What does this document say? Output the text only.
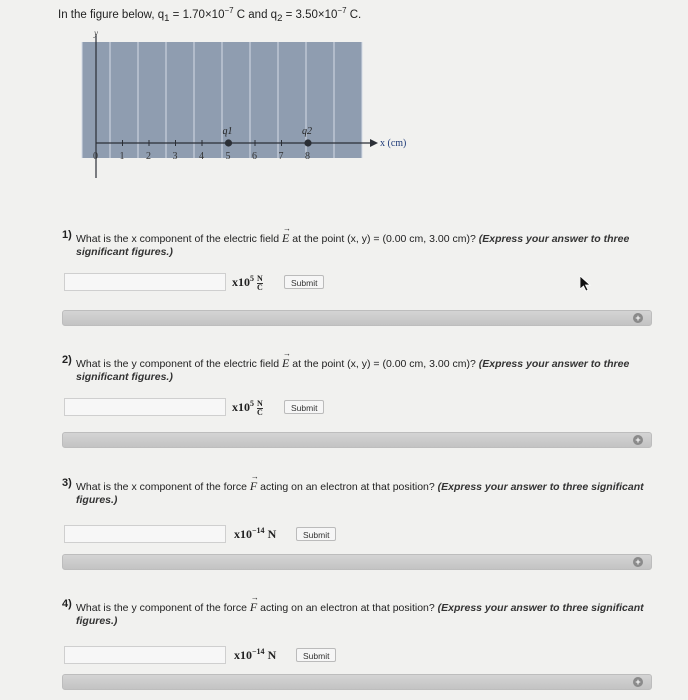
In the figure below, $q_1 = 1.70\times 10^{-7}$ C and $q_2 = 3.50\times 10^{-7}$ C.
y
x (cm)
0 1 2 3 4 5 6 7 8
q1	q2
1) What is the x component of the electric field → E at the point (x, y) = (0.00 cm, 3.00 cm)? (Express your answer to three significant figures.)
$x10^5 \frac{N}{C}$	Submit
+
2) What is the y component of the electric field → E at the point (x, y) = (0.00 cm, 3.00 cm)? (Express your answer to three significant figures.)
$x10^5 \frac{N}{C}$	Submit
+
3) What is the x component of the force → F acting on an electron at that position? (Express your answer to three significant figures.)
$x10^{-14}$ N	Submit
+
4) What is the y component of the force → F acting on an electron at that position? (Express your answer to three significant figures.)
$x10^{-14}$ N	Submit
+
